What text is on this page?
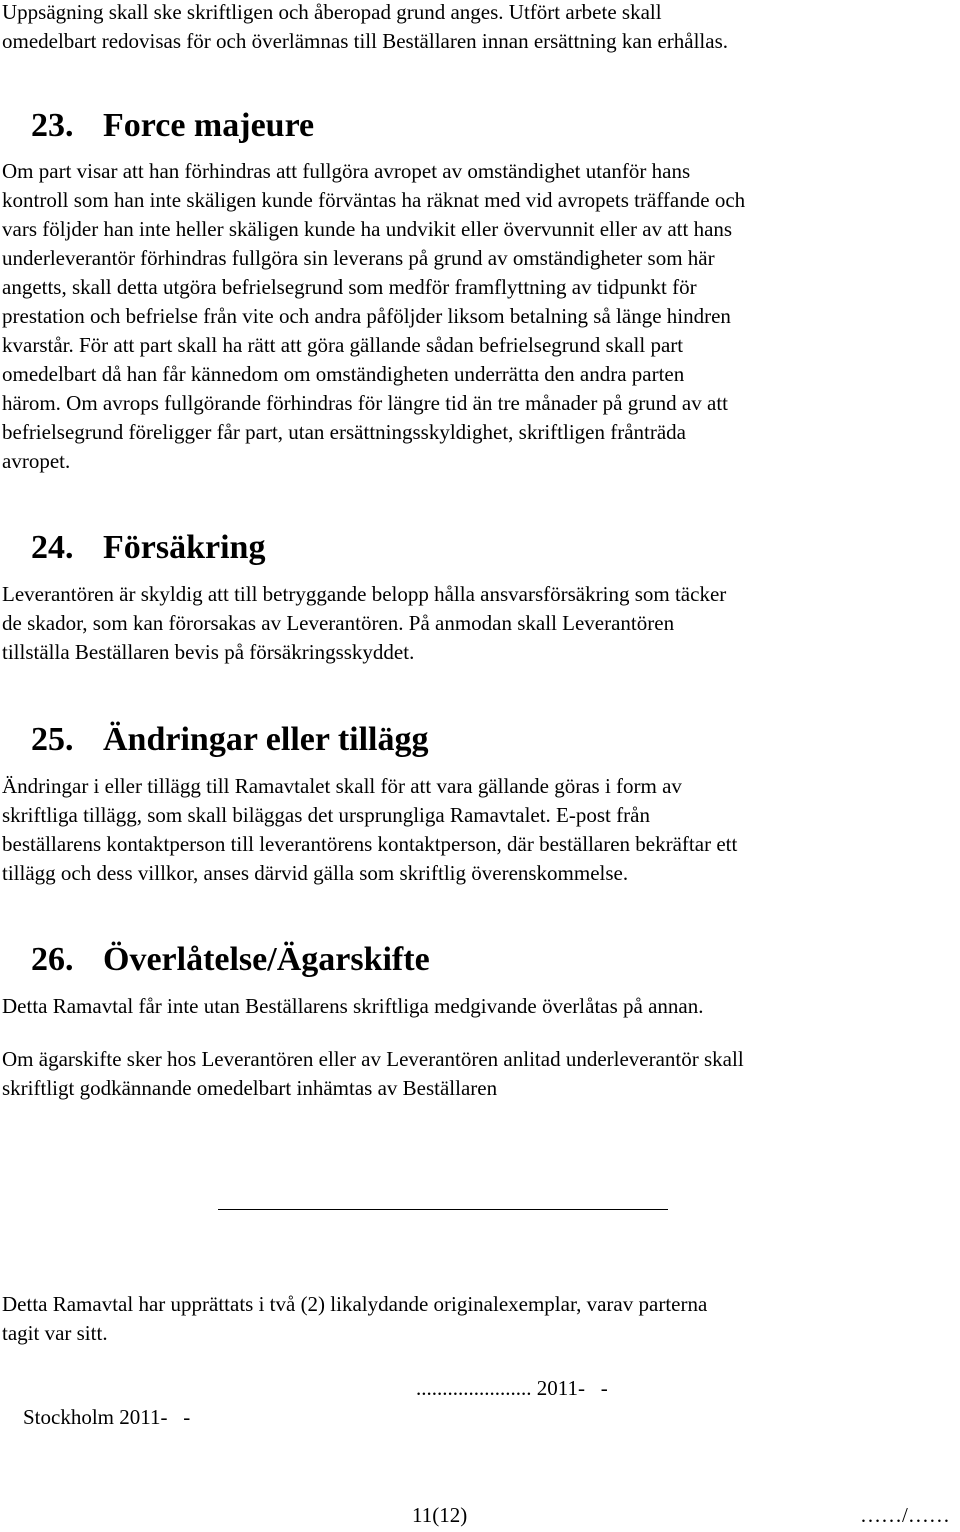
Uppsägning skall ske skriftligen och åberopad grund anges. Utfört arbete skall
omedelbart redovisas för och överlämnas till Beställaren innan ersättning kan erhållas.
23. Force majeure
Om part visar att han förhindras att fullgöra avropet av omständighet utanför hans
kontroll som han inte skäligen kunde förväntas ha räknat med vid avropets träffande och
vars följder han inte heller skäligen kunde ha undvikit eller övervunnit eller av att hans
underleverantör förhindras fullgöra sin leverans på grund av omständigheter som här
angetts, skall detta utgöra befrielsegrund som medför framflyttning av tidpunkt för
prestation och befrielse från vite och andra påföljder liksom betalning så länge hindren
kvarstår. För att part skall ha rätt att göra gällande sådan befrielsegrund skall part
omedelbart då han får kännedom om omständigheten underrätta den andra parten
härom. Om avrops fullgörande förhindras för längre tid än tre månader på grund av att
befrielsegrund föreligger får part, utan ersättningsskyldighet, skriftligen frånträda
avropet.
24. Försäkring
Leverantören är skyldig att till betryggande belopp hålla ansvarsförsäkring som täcker
de skador, som kan förorsakas av Leverantören. På anmodan skall Leverantören
tillställa Beställaren bevis på försäkringsskyddet.
25. Ändringar eller tillägg
Ändringar i eller tillägg till Ramavtalet skall för att vara gällande göras i form av
skriftliga tillägg, som skall biläggas det ursprungliga Ramavtalet. E-post från
beställarens kontaktperson till leverantörens kontaktperson, där beställaren bekräftar ett
tillägg och dess villkor, anses därvid gälla som skriftlig överenskommelse.
26. Överlåtelse/Ägarskifte
Detta Ramavtal får inte utan Beställarens skriftliga medgivande överlåtas på annan.
Om ägarskifte sker hos Leverantören eller av Leverantören anlitad underleverantör skall
skriftligt godkännande omedelbart inhämtas av Beställaren
Detta Ramavtal har upprättats i två (2) likalydande originalexemplar, varav parterna
tagit var sitt.

Stockholm 2011-   -

...................... 2011-   -

11(12)	……/……
